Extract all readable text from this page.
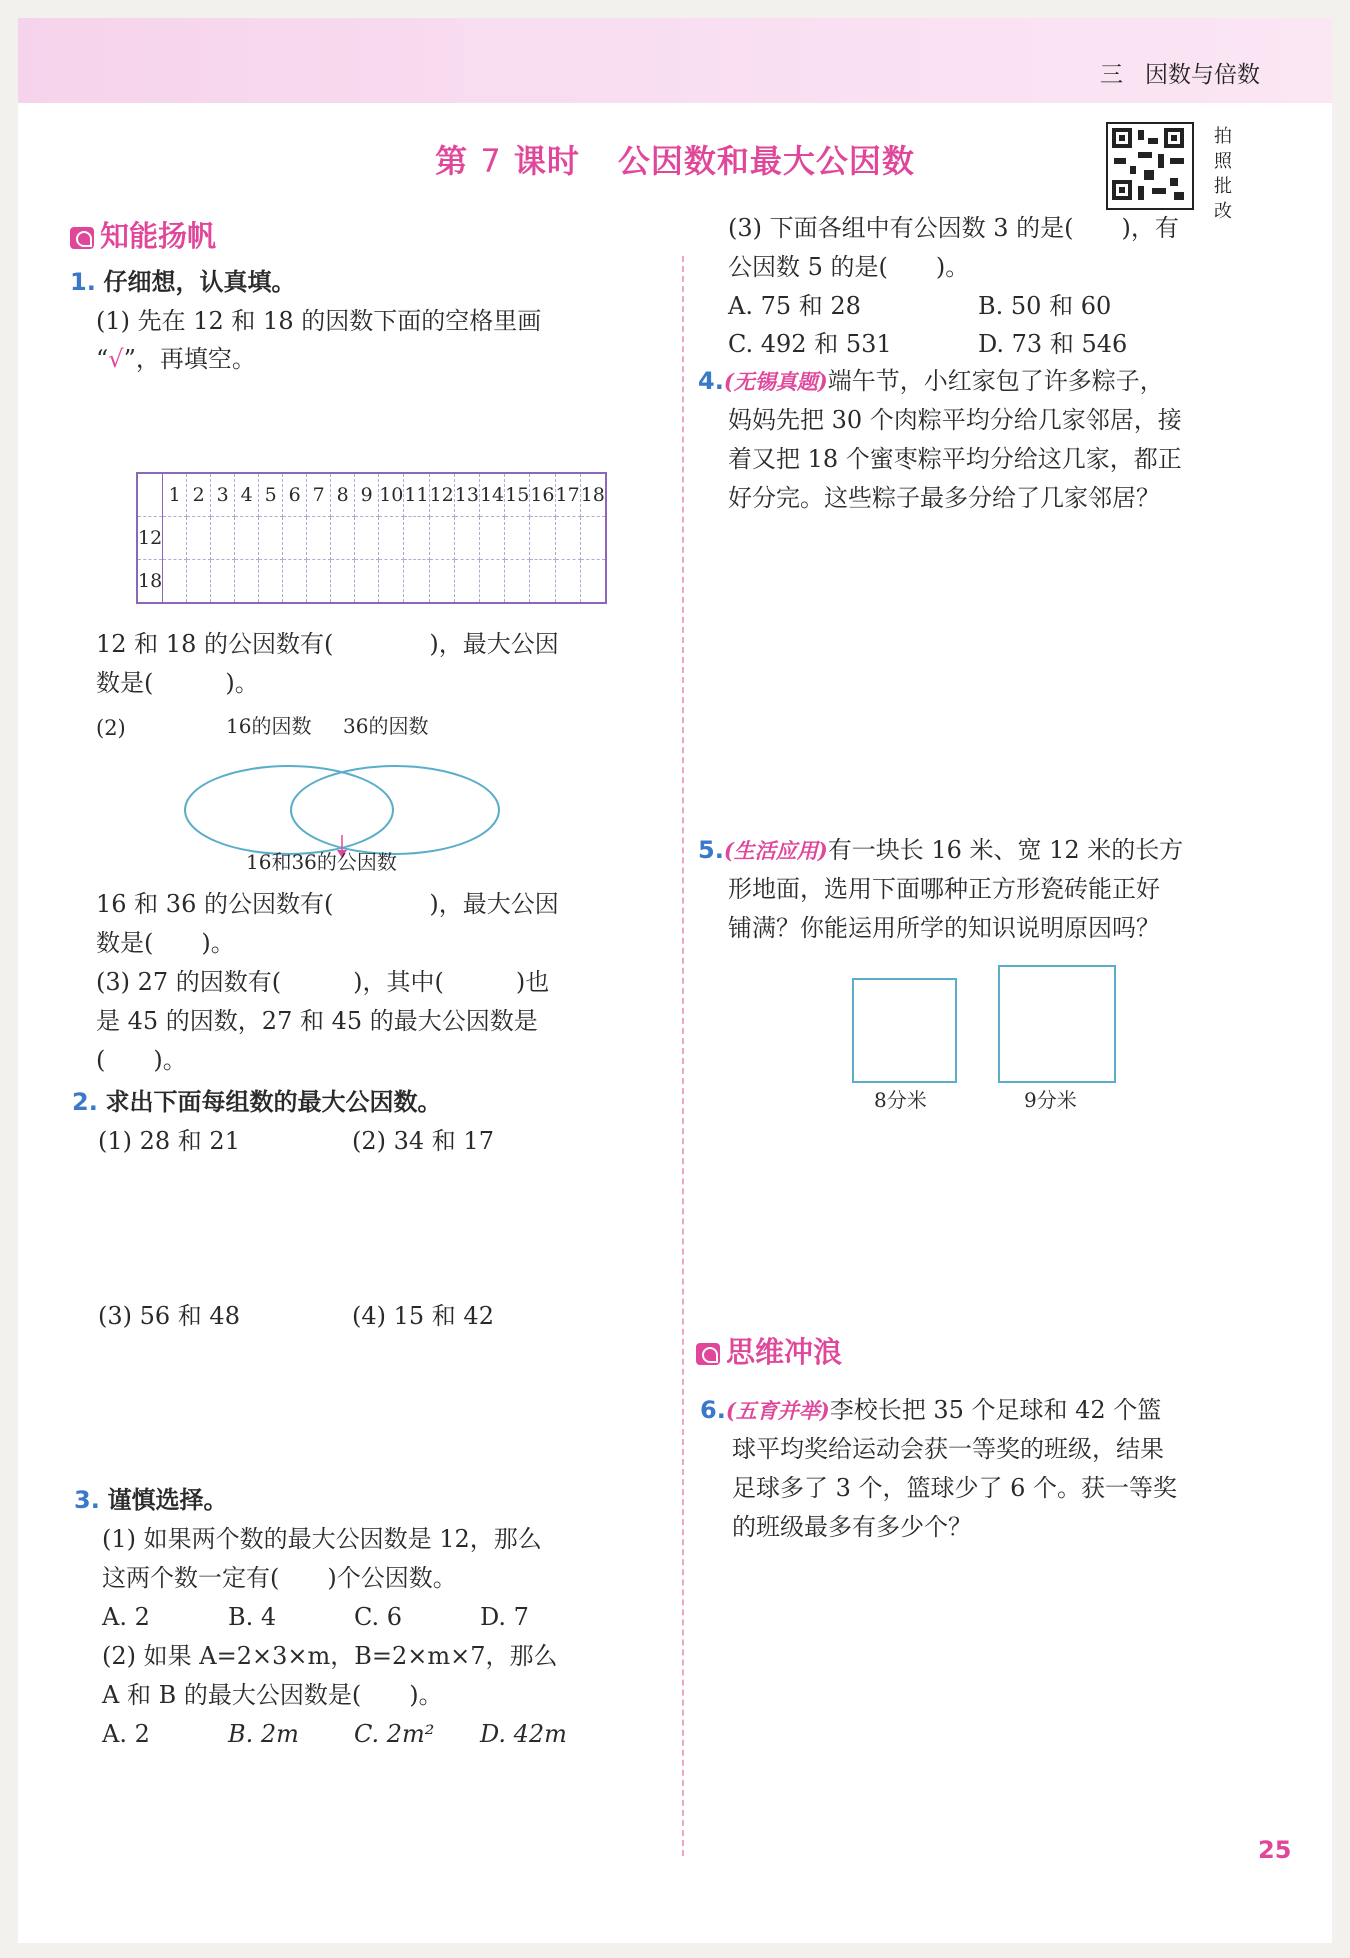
三 因数与倍数
第 7 课时 公因数和最大公因数
拍照批改
知能扬帆
1. 仔细想，认真填。
(1) 先在 12 和 18 的因数下面的空格里画
“√”，再填空。
	1	2	3	4	5	6	7	8	9	10	11	12	13	14	15	16	17	18
12																		
18																		
12 和 18 的公因数有(　　　　)，最大公因
数是(　　　)。
(2)	16的因数 36的因数
16和36的公因数
16 和 36 的公因数有(　　　　)，最大公因
数是(　　)。
(3) 27 的因数有(　　　)，其中(　　　)也
是 45 的因数，27 和 45 的最大公因数是
(　　)。
2. 求出下面每组数的最大公因数。
(1) 28 和 21	(2) 34 和 17
(3) 56 和 48	(4) 15 和 42
3. 谨慎选择。
(1) 如果两个数的最大公因数是 12，那么
这两个数一定有(　　)个公因数。
A. 2	B. 4	C. 6	D. 7
(2) 如果 A=2×3×m，B=2×m×7，那么
A 和 B 的最大公因数是(　　)。
A. 2	B. 2m C. 2m² D. 42m
(3) 下面各组中有公因数 3 的是(　　)，有
公因数 5 的是(　　)。
A. 75 和 28	B. 50 和 60
C. 492 和 531	D. 73 和 546
4.(无锡真题)端午节，小红家包了许多粽子，
妈妈先把 30 个肉粽平均分给几家邻居，接
着又把 18 个蜜枣粽平均分给这几家，都正
好分完。这些粽子最多分给了几家邻居？
5.(生活应用)有一块长 16 米、宽 12 米的长方
形地面，选用下面哪种正方形瓷砖能正好
铺满？你能运用所学的知识说明原因吗？
8分米	9分米
思维冲浪
6.(五育并举)李校长把 35 个足球和 42 个篮
球平均奖给运动会获一等奖的班级，结果
足球多了 3 个，篮球少了 6 个。获一等奖
的班级最多有多少个？
25
